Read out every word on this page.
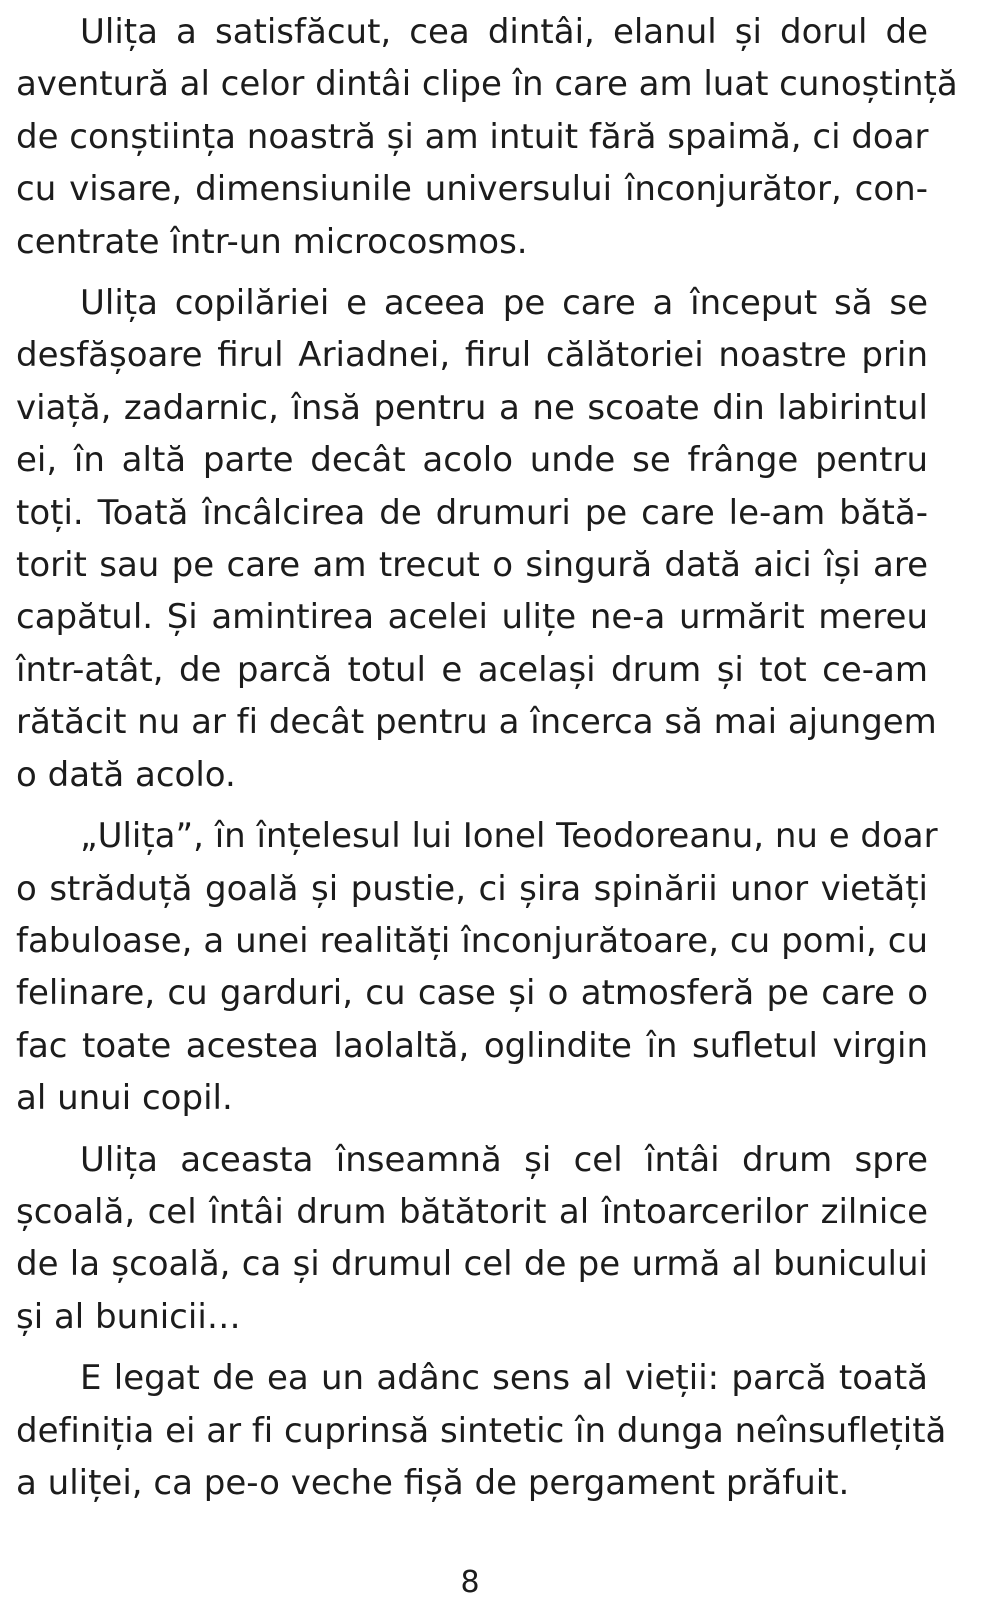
Ulița a satisfăcut, cea dintâi, elanul și dorul de
aventură al celor dintâi clipe în care am luat cunoștință
de conștiința noastră și am intuit fără spaimă, ci doar
cu visare, dimensiunile universului înconjurător, con-
centrate într-un microcosmos.

Ulița copilăriei e aceea pe care a început să se
desfășoare firul Ariadnei, firul călătoriei noastre prin
viață, zadarnic, însă pentru a ne scoate din labirintul
ei, în altă parte decât acolo unde se frânge pentru
toți. Toată încâlcirea de drumuri pe care le-am bătă-
torit sau pe care am trecut o singură dată aici își are
capătul. Și amintirea acelei ulițe ne-a urmărit mereu
într-atât, de parcă totul e același drum și tot ce-am
rătăcit nu ar fi decât pentru a încerca să mai ajungem
o dată acolo.

„Ulița”, în înțelesul lui Ionel Teodoreanu, nu e doar
o străduță goală și pustie, ci șira spinării unor vietăți
fabuloase, a unei realități înconjurătoare, cu pomi, cu
felinare, cu garduri, cu case și o atmosferă pe care o
fac toate acestea laolaltă, oglindite în sufletul virgin
al unui copil.

Ulița aceasta înseamnă și cel întâi drum spre
școală, cel întâi drum bătătorit al întoarcerilor zilnice
de la școală, ca și drumul cel de pe urmă al bunicului
și al bunicii…

E legat de ea un adânc sens al vieții: parcă toată
definiția ei ar fi cuprinsă sintetic în dunga neînsuflețită
a uliței, ca pe-o veche fișă de pergament prăfuit.

8
